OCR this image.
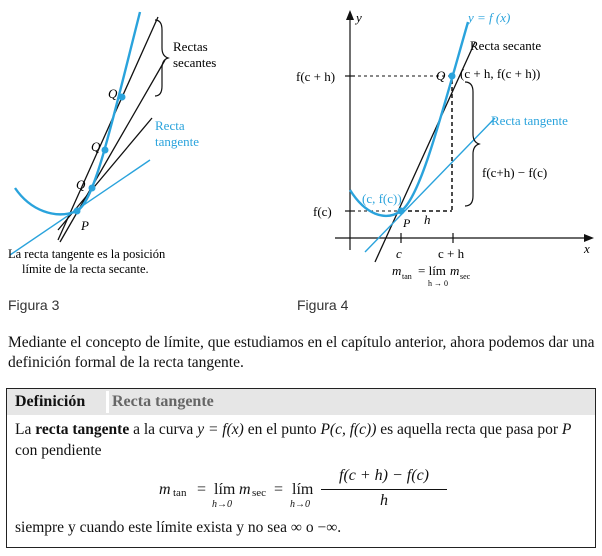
Rectas
secantes
Recta
tangente
Q
Q
Q
P
La recta tangente es la posición
límite de la recta secante.
Figura 3
y
x
y = f (x)
Recta secante
Recta tangente
Q (c + h, f(c + h))
(c, f(c))
P
f(c + h)
f(c)
h
c	c + h
f(c+h) − f(c)
m tan = lím
h → 0
m sec
Figura 4
Mediante el concepto de límite, que estudiamos en el capítulo anterior, ahora podemos dar una definición formal de la recta tangente.
Definición Recta tangente
La recta tangente a la curva y = f(x) en el punto P(c, f(c)) es aquella recta que pasa por P con pendiente
m tan = lím
h→0
m sec = lím
h→0
f(c + h) − f(c)
h
siempre y cuando este límite exista y no sea ∞ o −∞.
